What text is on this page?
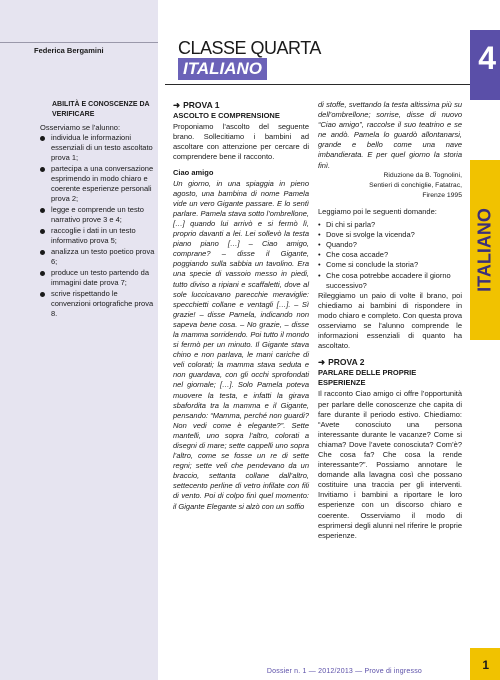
Federica Bergamini
ABILITÀ E CONOSCENZE DA VERIFICARE
Osserviamo se l’alunno:
individua le informazioni essenziali di un testo ascoltato prova 1;
partecipa a una conversazione esprimendo in modo chiaro e coerente esperienze personali prova 2;
legge e comprende un testo narrativo prove 3 e 4;
raccoglie i dati in un testo informativo prova 5;
analizza un testo poetico prova 6;
produce un testo partendo da immagini date prova 7;
scrive rispettando le convenzioni ortografiche prova 8.
CLASSE QUARTA
ITALIANO	4
ITALIANO
➜ PROVA 1
ASCOLTO E COMPRENSIONE

Proponiamo l’ascolto del seguente brano. Sollecitiamo i bambini ad ascoltare con attenzione per cercare di comprendere bene il racconto.

Ciao amigo

Un giorno, in una spiaggia in pieno agosto, una bambina di nome Pamela vide un vero Gigante passare. E lo sentì parlare. Pamela stava sotto l’ombrellone, […] quando lui arrivò e si fermò lì, proprio davanti a lei. Lei sollevò la testa piano piano […] – Ciao amigo, comprane? – disse il Gigante, poggiando sulla sabbia un tavolino. Era una specie di vassoio messo in piedi, tutto diviso a ripiani e scaffaletti, dove al sole luccicavano parecchie meraviglie: specchietti collane e ventagli […]. – Sì grazie! – disse Pamela, indicando non sapeva bene cosa. – No grazie, – disse la mamma sorridendo. Poi tutto il mondo si fermò per un minuto. Il Gigante stava chino e non parlava, le mani cariche di veli colorati; la mamma stava seduta e non guardava, con gli occhi sprofondati nel giornale; […]. Solo Pamela poteva muovere la testa, e infatti la girava sbafordita tra la mamma e il Gigante, pensando: “Mamma, perché non guardi? Non vedi come è elegante?”. Sette mantelli, uno sopra l’altro, colorati a disegni di mare; sette cappelli uno sopra l’altro, come se fosse un re di sette regni; sette veli che pendevano da un braccio, settanta collane dall’altro, settecento perline di vetro infilate con fili di vento. Poi di colpo finì quel momento: il Gigante Elegante si alzò con un soffio

di stoffe, svettando la testa altissima più su dell’ombrellone; sorrise, disse di nuovo “Ciao amigo”, raccolse il suo teatrino e se ne andò. Pamela lo guardò allontanarsi, grande e bello come una nave imbandierata. E per quel giorno la storia finì.

Riduzione da B. Tognolini,
Sentieri di conchiglie, Fatatrac,
Firenze 1995
Leggiamo poi le seguenti domande:
• Di chi si parla?
• Dove si svolge la vicenda?
• Quando?
• Che cosa accade?
• Come si conclude la storia?
• Che cosa potrebbe accadere il giorno successivo?

Rileggiamo un paio di volte il brano, poi chiediamo ai bambini di rispondere in modo chiaro e completo. Con questa prova osserviamo se l’alunno comprende le informazioni essenziali di quanto ha ascoltato.

➜ PROVA 2
PARLARE DELLE PROPRIE ESPERIENZE

Il racconto Ciao amigo ci offre l’opportunità per parlare delle conoscenze che capita di fare durante il periodo estivo. Chiediamo: “Avete conosciuto una persona interessante durante le vacanze? Come si chiama? Dove l’avete conosciuta? Com’è? Che cosa fa? Che cosa la rende interessante?”. Possiamo annotare le domande alla lavagna così che possano costituire una traccia per gli interventi. Invitiamo i bambini a riportare le loro esperienze con un discorso chiaro e coerente. Osserviamo il modo di esprimersi degli alunni nel riferire le proprie esperienze.

Dossier n. 1 — 2012/2013 — Prove di ingresso	1
